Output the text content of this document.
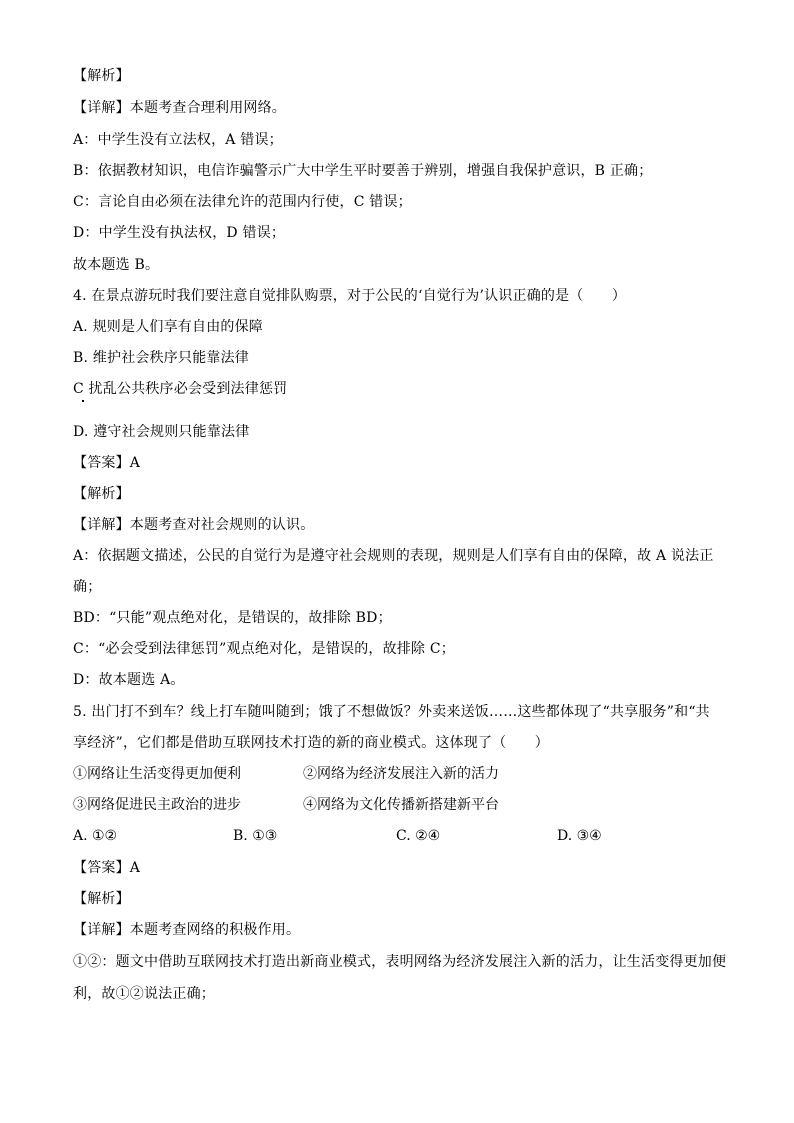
【解析】
【详解】本题考查合理利用网络。
A：中学生没有立法权，A 错误；
B：依据教材知识，电信诈骗警示广大中学生平时要善于辨别，增强自我保护意识，B 正确；
C：言论自由必须在法律允许的范围内行使，C 错误；
D：中学生没有执法权，D 错误；
故本题选 B。
4. 在景点游玩时我们要注意自觉排队购票，对于公民的‘自觉行为’认识正确的是（　　）
A. 规则是人们享有自由的保障
B. 维护社会秩序只能靠法律
C 扰乱公共秩序必会受到法律惩罚
D. 遵守社会规则只能靠法律
【答案】A
【解析】
【详解】本题考查对社会规则的认识。
A：依据题文描述，公民的自觉行为是遵守社会规则的表现，规则是人们享有自由的保障，故 A 说法正
确；
BD：“只能”观点绝对化，是错误的，故排除 BD；
C：“必会受到法律惩罚”观点绝对化，是错误的，故排除 C；
D：故本题选 A。
5. 出门打不到车？线上打车随叫随到；饿了不想做饭？外卖来送饭……这些都体现了“共享服务”和“共
享经济”，它们都是借助互联网技术打造的新的商业模式。这体现了（　　）
①网络让生活变得更加便利	②网络为经济发展注入新的活力
③网络促进民主政治的进步	④网络为文化传播新搭建新平台
A. ①②	B. ①③	C. ②④	D. ③④
【答案】A
【解析】
【详解】本题考查网络的积极作用。
①②：题文中借助互联网技术打造出新商业模式，表明网络为经济发展注入新的活力，让生活变得更加便
利，故①②说法正确；
